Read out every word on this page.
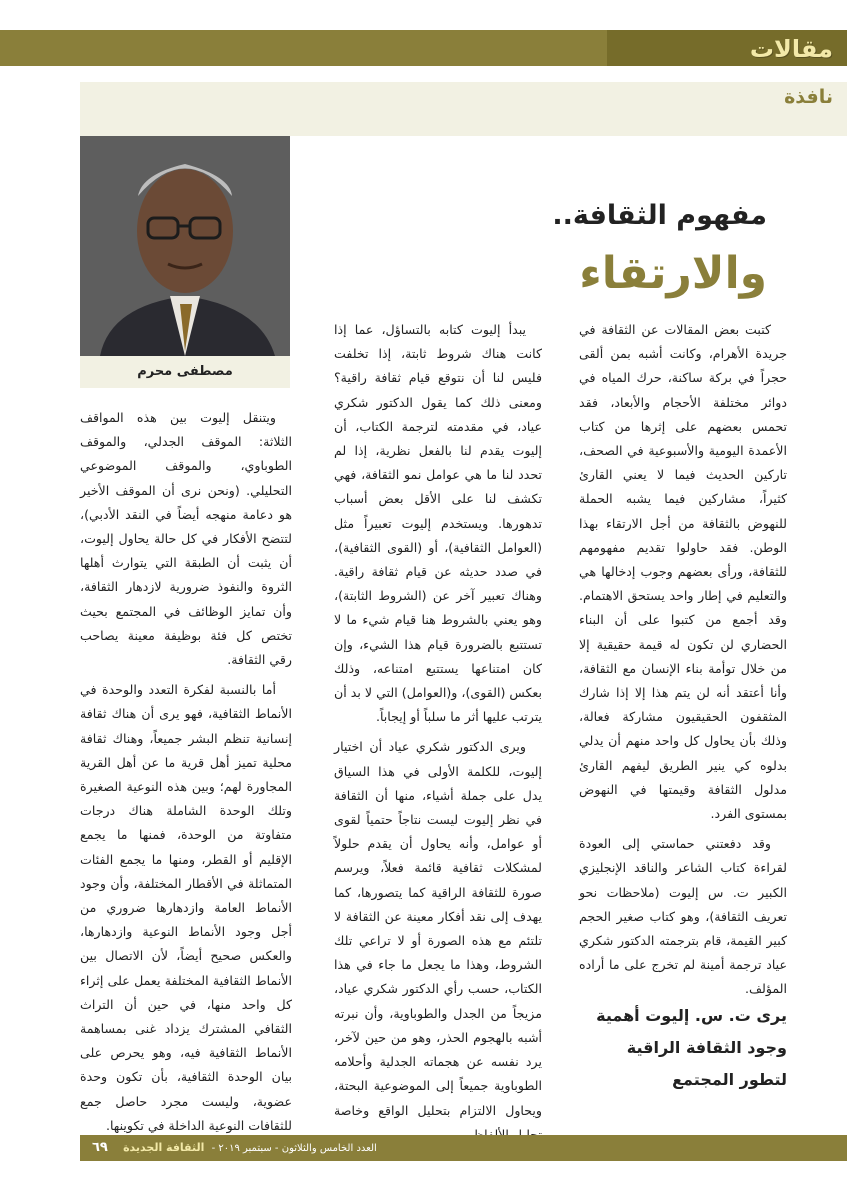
مقالات
نافذة
مصطفى محرم
مفهوم الثقافة..
والارتقاء

كتبت بعض المقالات عن الثقافة في جريدة الأهرام، وكانت أشبه بمن ألقى حجراً في بركة ساكنة، حرك المياه في دوائر مختلفة الأحجام والأبعاد، فقد تحمس بعضهم على إثرها من كتاب الأعمدة اليومية والأسبوعية في الصحف، تاركين الحديث فيما لا يعني القارئ كثيراً، مشاركين فيما يشبه الحملة للنهوض بالثقافة من أجل الارتقاء بهذا الوطن. فقد حاولوا تقديم مفهومهم للثقافة، ورأى بعضهم وجوب إدخالها هي والتعليم في إطار واحد يستحق الاهتمام. وقد أجمع من كتبوا على أن البناء الحضاري لن تكون له قيمة حقيقية إلا من خلال توأمة بناء الإنسان مع الثقافة، وأنا أعتقد أنه لن يتم هذا إلا إذا شارك المثقفون الحقيقيون مشاركة فعالة، وذلك بأن يحاول كل واحد منهم أن يدلي بدلوه كي ينير الطريق ليفهم القارئ مدلول الثقافة وقيمتها في النهوض بمستوى الفرد.

وقد دفعتني حماستي إلى العودة لقراءة كتاب الشاعر والناقد الإنجليزي الكبير ت. س إليوت (ملاحظات نحو تعريف الثقافة)، وهو كتاب صغير الحجم كبير القيمة، قام بترجمته الدكتور شكري عياد ترجمة أمينة لم تخرج على ما أراده المؤلف.

يبدأ إليوت كتابه بالتساؤل، عما إذا كانت هناك شروط ثابتة، إذا تخلفت فليس لنا أن نتوقع قيام ثقافة راقية؟ ومعنى ذلك كما يقول الدكتور شكري عياد، في مقدمته لترجمة الكتاب، أن إليوت يقدم لنا بالفعل نظرية، إذا لم تحدد لنا ما هي عوامل نمو الثقافة، فهي تكشف لنا على الأقل بعض أسباب تدهورها. ويستخدم إليوت تعبيراً مثل (العوامل الثقافية)، أو (القوى الثقافية)، في صدد حديثه عن قيام ثقافة راقية. وهناك تعبير آخر عن (الشروط الثابتة)، وهو يعني بالشروط هنا قيام شيء ما لا تستتبع بالضرورة قيام هذا الشيء، وإن كان امتناعها يستتبع امتناعه، وذلك بعكس (القوى)، و(العوامل) التي لا بد أن يترتب عليها أثر ما سلباً أو إيجاباً.

ويرى الدكتور شكري عياد أن اختيار إليوت، للكلمة الأولى في هذا السياق يدل على جملة أشياء، منها أن الثقافة في نظر إليوت ليست نتاجاً حتمياً لقوى أو عوامل، وأنه يحاول أن يقدم حلولاً لمشكلات ثقافية قائمة فعلاً، ويرسم صورة للثقافة الراقية كما يتصورها، كما يهدف إلى نقد أفكار معينة عن الثقافة لا تلتئم مع هذه الصورة أو لا تراعي تلك الشروط، وهذا ما يجعل ما جاء في هذا الكتاب، حسب رأي الدكتور شكري عياد، مزيجاً من الجدل والطوباوية، وأن نبرته أشبه بالهجوم الحذر، وهو من حين لآخر، يرد نفسه عن هجماته الجدلية وأحلامه الطوباوية جميعاً إلى الموضوعية البحتة، ويحاول الالتزام بتحليل الواقع وخاصة

ويتنقل إليوت بين هذه المواقف الثلاثة: الموقف الجدلي، والموقف الطوباوي، والموقف الموضوعي التحليلي. (ونحن نرى أن الموقف الأخير هو دعامة منهجه أيضاً في النقد الأدبي)، لتتضح الأفكار في كل حالة يحاول إليوت، أن يثبت أن الطبقة التي يتوارث أهلها الثروة والنفوذ ضرورية لازدهار الثقافة، وأن تمايز الوظائف في المجتمع بحيث تختص كل فئة بوظيفة معينة يصاحب رقي الثقافة.

أما بالنسبة لفكرة التعدد والوحدة في الأنماط الثقافية، فهو يرى أن هناك ثقافة إنسانية تنظم البشر جميعاً، وهناك ثقافة محلية تميز أهل قرية ما عن أهل القرية المجاورة لهم؛ وبين هذه النوعية الصغيرة وتلك الوحدة الشاملة هناك درجات متفاوتة من الوحدة، فمنها ما يجمع الإقليم أو القطر، ومنها ما يجمع الفئات المتماثلة في الأقطار المختلفة، وأن وجود الأنماط العامة وازدهارها ضروري من أجل وجود الأنماط النوعية وازدهارها، والعكس صحيح أيضاً، لأن الاتصال بين الأنماط الثقافية المختلفة يعمل على إثراء كل واحد منها، في حين أن التراث الثقافي المشترك يزداد غنى بمساهمة الأنماط الثقافية فيه، وهو يحرص على بيان الوحدة الثقافية، بأن تكون وحدة عضوية، وليست مجرد حاصل جمع للثقافات النوعية الداخلة في تكوينها.

يرى ت. س. إليوت أهمية
وجود الثقافة الراقية
لتطور المجتمع
٦٩ الثقافة الجديدة العدد الخامس والثلاثون - سبتمبر ٢٠١٩ -
